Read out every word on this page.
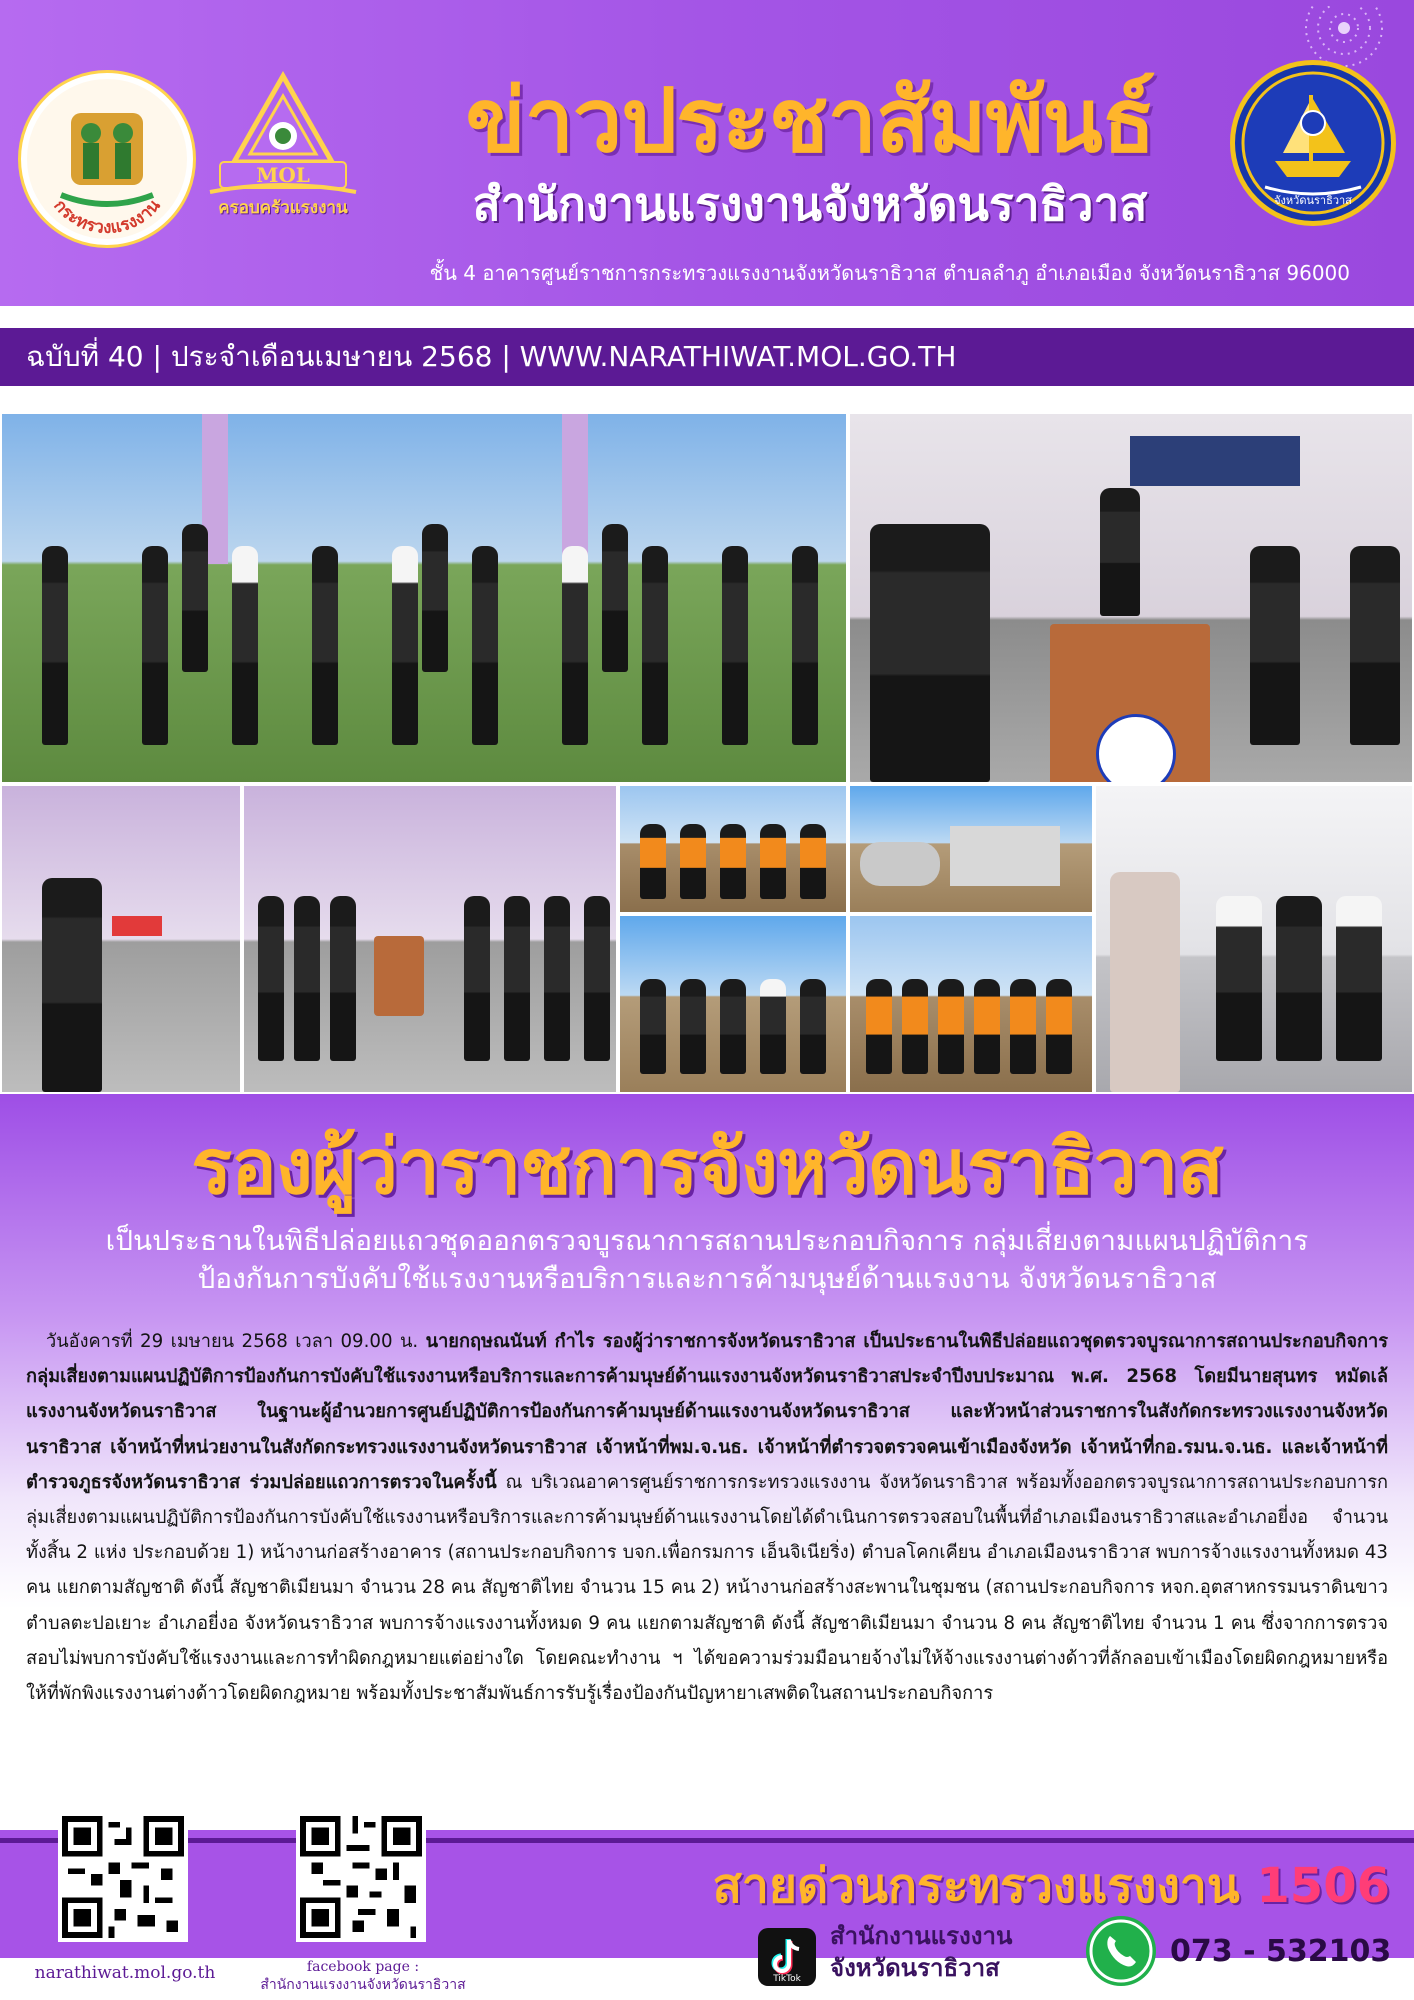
กระทรวงแรงงาน
MOL
ครอบครัวแรงงาน
ข่าวประชาสัมพันธ์
สำนักงานแรงงานจังหวัดนราธิวาส	จังหวัดนราธิวาส
ชั้น 4 อาคารศูนย์ราชการกระทรวงแรงงานจังหวัดนราธิวาส ตำบลลำภู อำเภอเมือง จังหวัดนราธิวาส 96000
ฉบับที่ 40 | ประจำเดือนเมษายน 2568 | WWW.NARATHIWAT.MOL.GO.TH
รองผู้ว่าราชการจังหวัดนราธิวาส
เป็นประธานในพิธีปล่อยแถวชุดออกตรวจบูรณาการสถานประกอบกิจการ กลุ่มเสี่ยงตามแผนปฏิบัติการ
ป้องกันการบังคับใช้แรงงานหรือบริการและการค้ามนุษย์ด้านแรงงาน จังหวัดนราธิวาส
วันอังคารที่ 29 เมษายน 2568 เวลา 09.00 น. นายกฤษณนันท์ กำไร รองผู้ว่าราชการจังหวัดนราธิวาส เป็นประธานในพิธีปล่อยแถวชุดตรวจบูรณาการสถานประกอบกิจการกลุ่มเสี่ยงตามแผนปฏิบัติการป้องกันการบังคับใช้แรงงานหรือบริการและการค้ามนุษย์ด้านแรงงานจังหวัดนราธิวาสประจำปีงบประมาณ พ.ศ. 2568 โดยมีนายสุนทร หมัดเล้ แรงงานจังหวัดนราธิวาส ในฐานะผู้อำนวยการศูนย์ปฏิบัติการป้องกันการค้ามนุษย์ด้านแรงงานจังหวัดนราธิวาส และหัวหน้าส่วนราชการในสังกัดกระทรวงแรงงานจังหวัดนราธิวาส เจ้าหน้าที่หน่วยงานในสังกัดกระทรวงแรงงานจังหวัดนราธิวาส เจ้าหน้าที่พม.จ.นธ. เจ้าหน้าที่ตำรวจตรวจคนเข้าเมืองจังหวัด เจ้าหน้าที่กอ.รมน.จ.นธ. และเจ้าหน้าที่ตำรวจภูธรจังหวัดนราธิวาส ร่วมปล่อยแถวการตรวจในครั้งนี้ ณ บริเวณอาคารศูนย์ราชการกระทรวงแรงงาน จังหวัดนราธิวาส พร้อมทั้งออกตรวจบูรณาการสถานประกอบการกลุ่มเสี่ยงตามแผนปฏิบัติการป้องกันการบังคับใช้แรงงานหรือบริการและการค้ามนุษย์ด้านแรงงานโดยได้ดำเนินการตรวจสอบในพื้นที่อำเภอเมืองนราธิวาสและอำเภอยี่งอ จำนวนทั้งสิ้น 2 แห่ง ประกอบด้วย 1) หน้างานก่อสร้างอาคาร (สถานประกอบกิจการ บจก.เพื่อกรมการ เอ็นจิเนียริ่ง) ตำบลโคกเคียน อำเภอเมืองนราธิวาส พบการจ้างแรงงานทั้งหมด 43 คน แยกตามสัญชาติ ดังนี้ สัญชาติเมียนมา จำนวน 28 คน สัญชาติไทย จำนวน 15 คน 2) หน้างานก่อสร้างสะพานในชุมชน (สถานประกอบกิจการ หจก.อุตสาหกรรมนราดินขาว ตำบลตะปอเยาะ อำเภอยี่งอ จังหวัดนราธิวาส พบการจ้างแรงงานทั้งหมด 9 คน แยกตามสัญชาติ ดังนี้ สัญชาติเมียนมา จำนวน 8 คน สัญชาติไทย จำนวน 1 คน ซึ่งจากการตรวจสอบไม่พบการบังคับใช้แรงงานและการทำผิดกฎหมายแต่อย่างใด โดยคณะทำงาน ฯ ได้ขอความร่วมมือนายจ้างไม่ให้จ้างแรงงานต่างด้าวที่ลักลอบเข้าเมืองโดยผิดกฎหมายหรือให้ที่พักพิงแรงงานต่างด้าวโดยผิดกฎหมาย พร้อมทั้งประชาสัมพันธ์การรับรู้เรื่องป้องกันปัญหายาเสพติดในสถานประกอบกิจการ
narathiwat.mol.go.th	facebook page :
สำนักงานแรงงานจังหวัดนราธิวาส
สายด่วนกระทรวงแรงงาน 1506
TikTok
สำนักงานแรงงาน
จังหวัดนราธิวาส	073 - 532103
